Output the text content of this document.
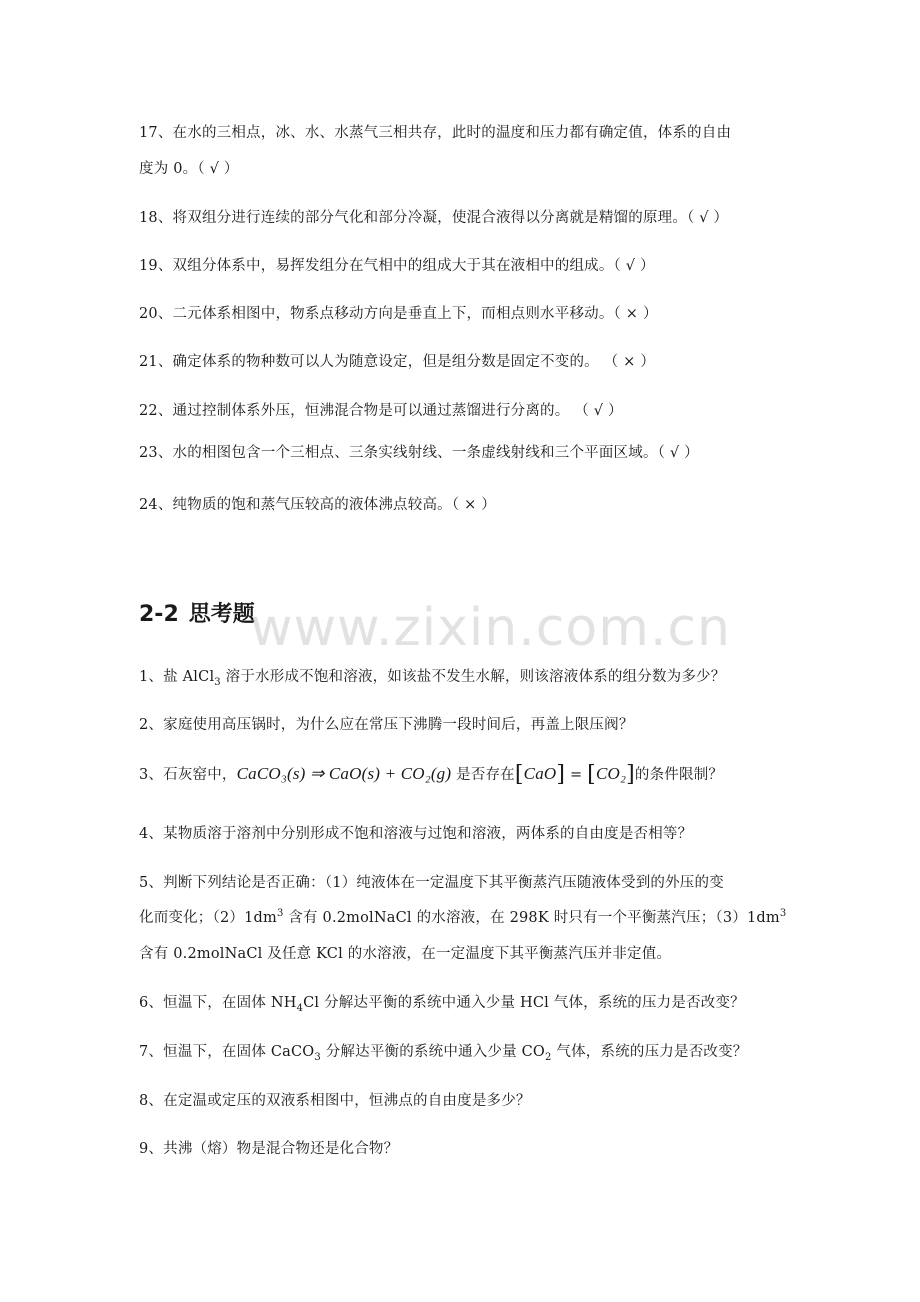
www.zixin.com.cn
17、在水的三相点，冰、水、水蒸气三相共存，此时的温度和压力都有确定值，体系的自由
度为 0。（ √ ）
18、将双组分进行连续的部分气化和部分冷凝，使混合液得以分离就是精馏的原理。（ √ ）
19、双组分体系中，易挥发组分在气相中的组成大于其在液相中的组成。（ √ ）
20、二元体系相图中，物系点移动方向是垂直上下，而相点则水平移动。（ × ）
21、确定体系的物种数可以人为随意设定，但是组分数是固定不变的。 （ × ）
22、通过控制体系外压，恒沸混合物是可以通过蒸馏进行分离的。 （ √ ）
23、水的相图包含一个三相点、三条实线射线、一条虚线射线和三个平面区域。（ √ ）
24、纯物质的饱和蒸气压较高的液体沸点较高。（ × ）
2-2 思考题
1、盐 AlCl$_3$ 溶于水形成不饱和溶液，如该盐不发生水解，则该溶液体系的组分数为多少？
2、家庭使用高压锅时，为什么应在常压下沸腾一段时间后，再盖上限压阀？
3、石灰窑中，CaCO₃(s) ⇒ CaO(s) + CO₂(g) 是否存在[CaO] = [CO₂]的条件限制？
4、某物质溶于溶剂中分别形成不饱和溶液与过饱和溶液，两体系的自由度是否相等？
5、判断下列结论是否正确：（1）纯液体在一定温度下其平衡蒸汽压随液体受到的外压的变
化而变化；$(2)1dm^3$ 含有 0.2molNaCl 的水溶液，在 298K 时只有一个平衡蒸汽压；$(3)1dm^3$
含有 0.2molNaCl 及任意 KCl 的水溶液，在一定温度下其平衡蒸汽压并非定值。
6、恒温下，在固体 $NH_4Cl$ 分解达平衡的系统中通入少量 HCl 气体，系统的压力是否改变？
7、恒温下，在固体 CaCO$_3$ 分解达平衡的系统中通入少量 $CO_2$ 气体，系统的压力是否改变？
8、在定温或定压的双液系相图中，恒沸点的自由度是多少？
9、共沸（熔）物是混合物还是化合物？
